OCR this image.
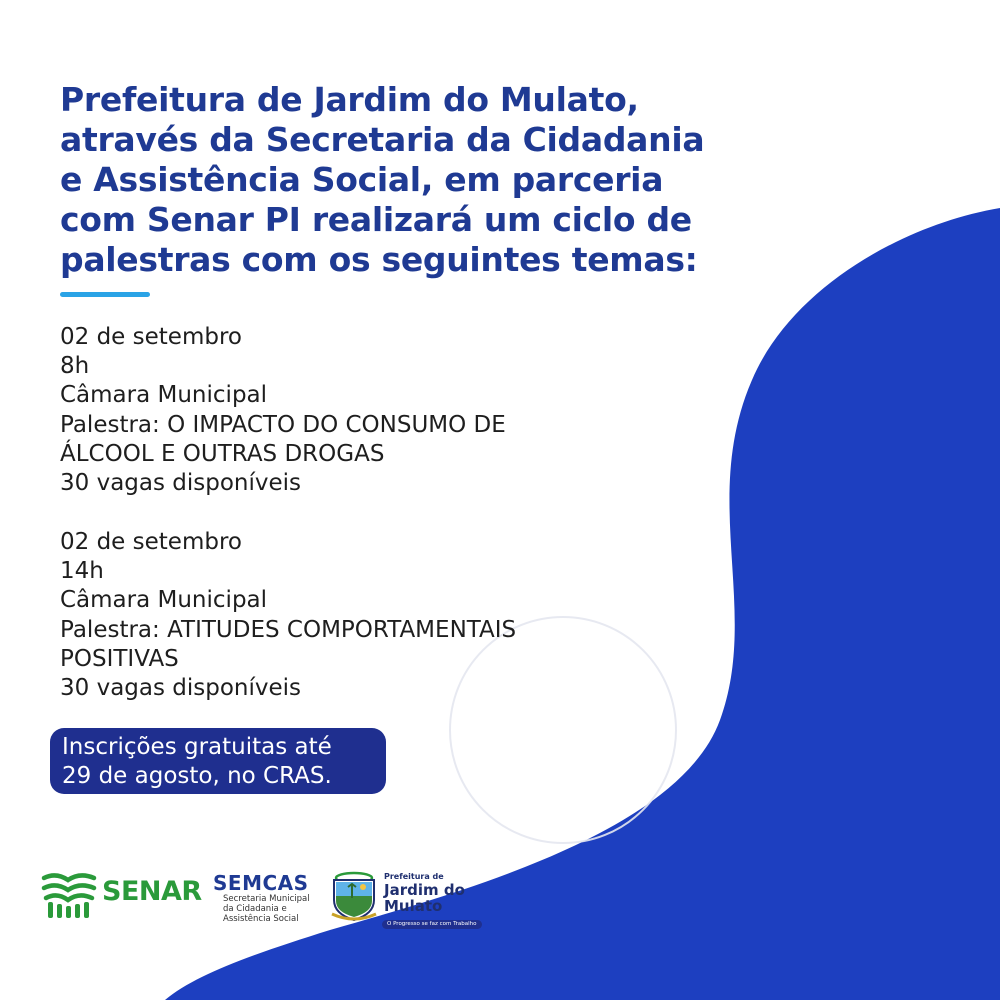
Prefeitura de Jardim do Mulato,
através da Secretaria da Cidadania
e Assistência Social, em parceria
com Senar PI realizará um ciclo de
palestras com os seguintes temas:
02 de setembro
8h
Câmara Municipal
Palestra: O IMPACTO DO CONSUMO DE
ÁLCOOL E OUTRAS DROGAS
30 vagas disponíveis
02 de setembro
14h
Câmara Municipal
Palestra: ATITUDES COMPORTAMENTAIS
POSITIVAS
30 vagas disponíveis
Inscrições gratuitas até
29 de agosto, no CRAS.

SENAR SEMCAS
Secretaria Municipal
da Cidadania e
Assistência Social
Prefeitura de
Jardim do
Mulato
O Progresso se faz com Trabalho
